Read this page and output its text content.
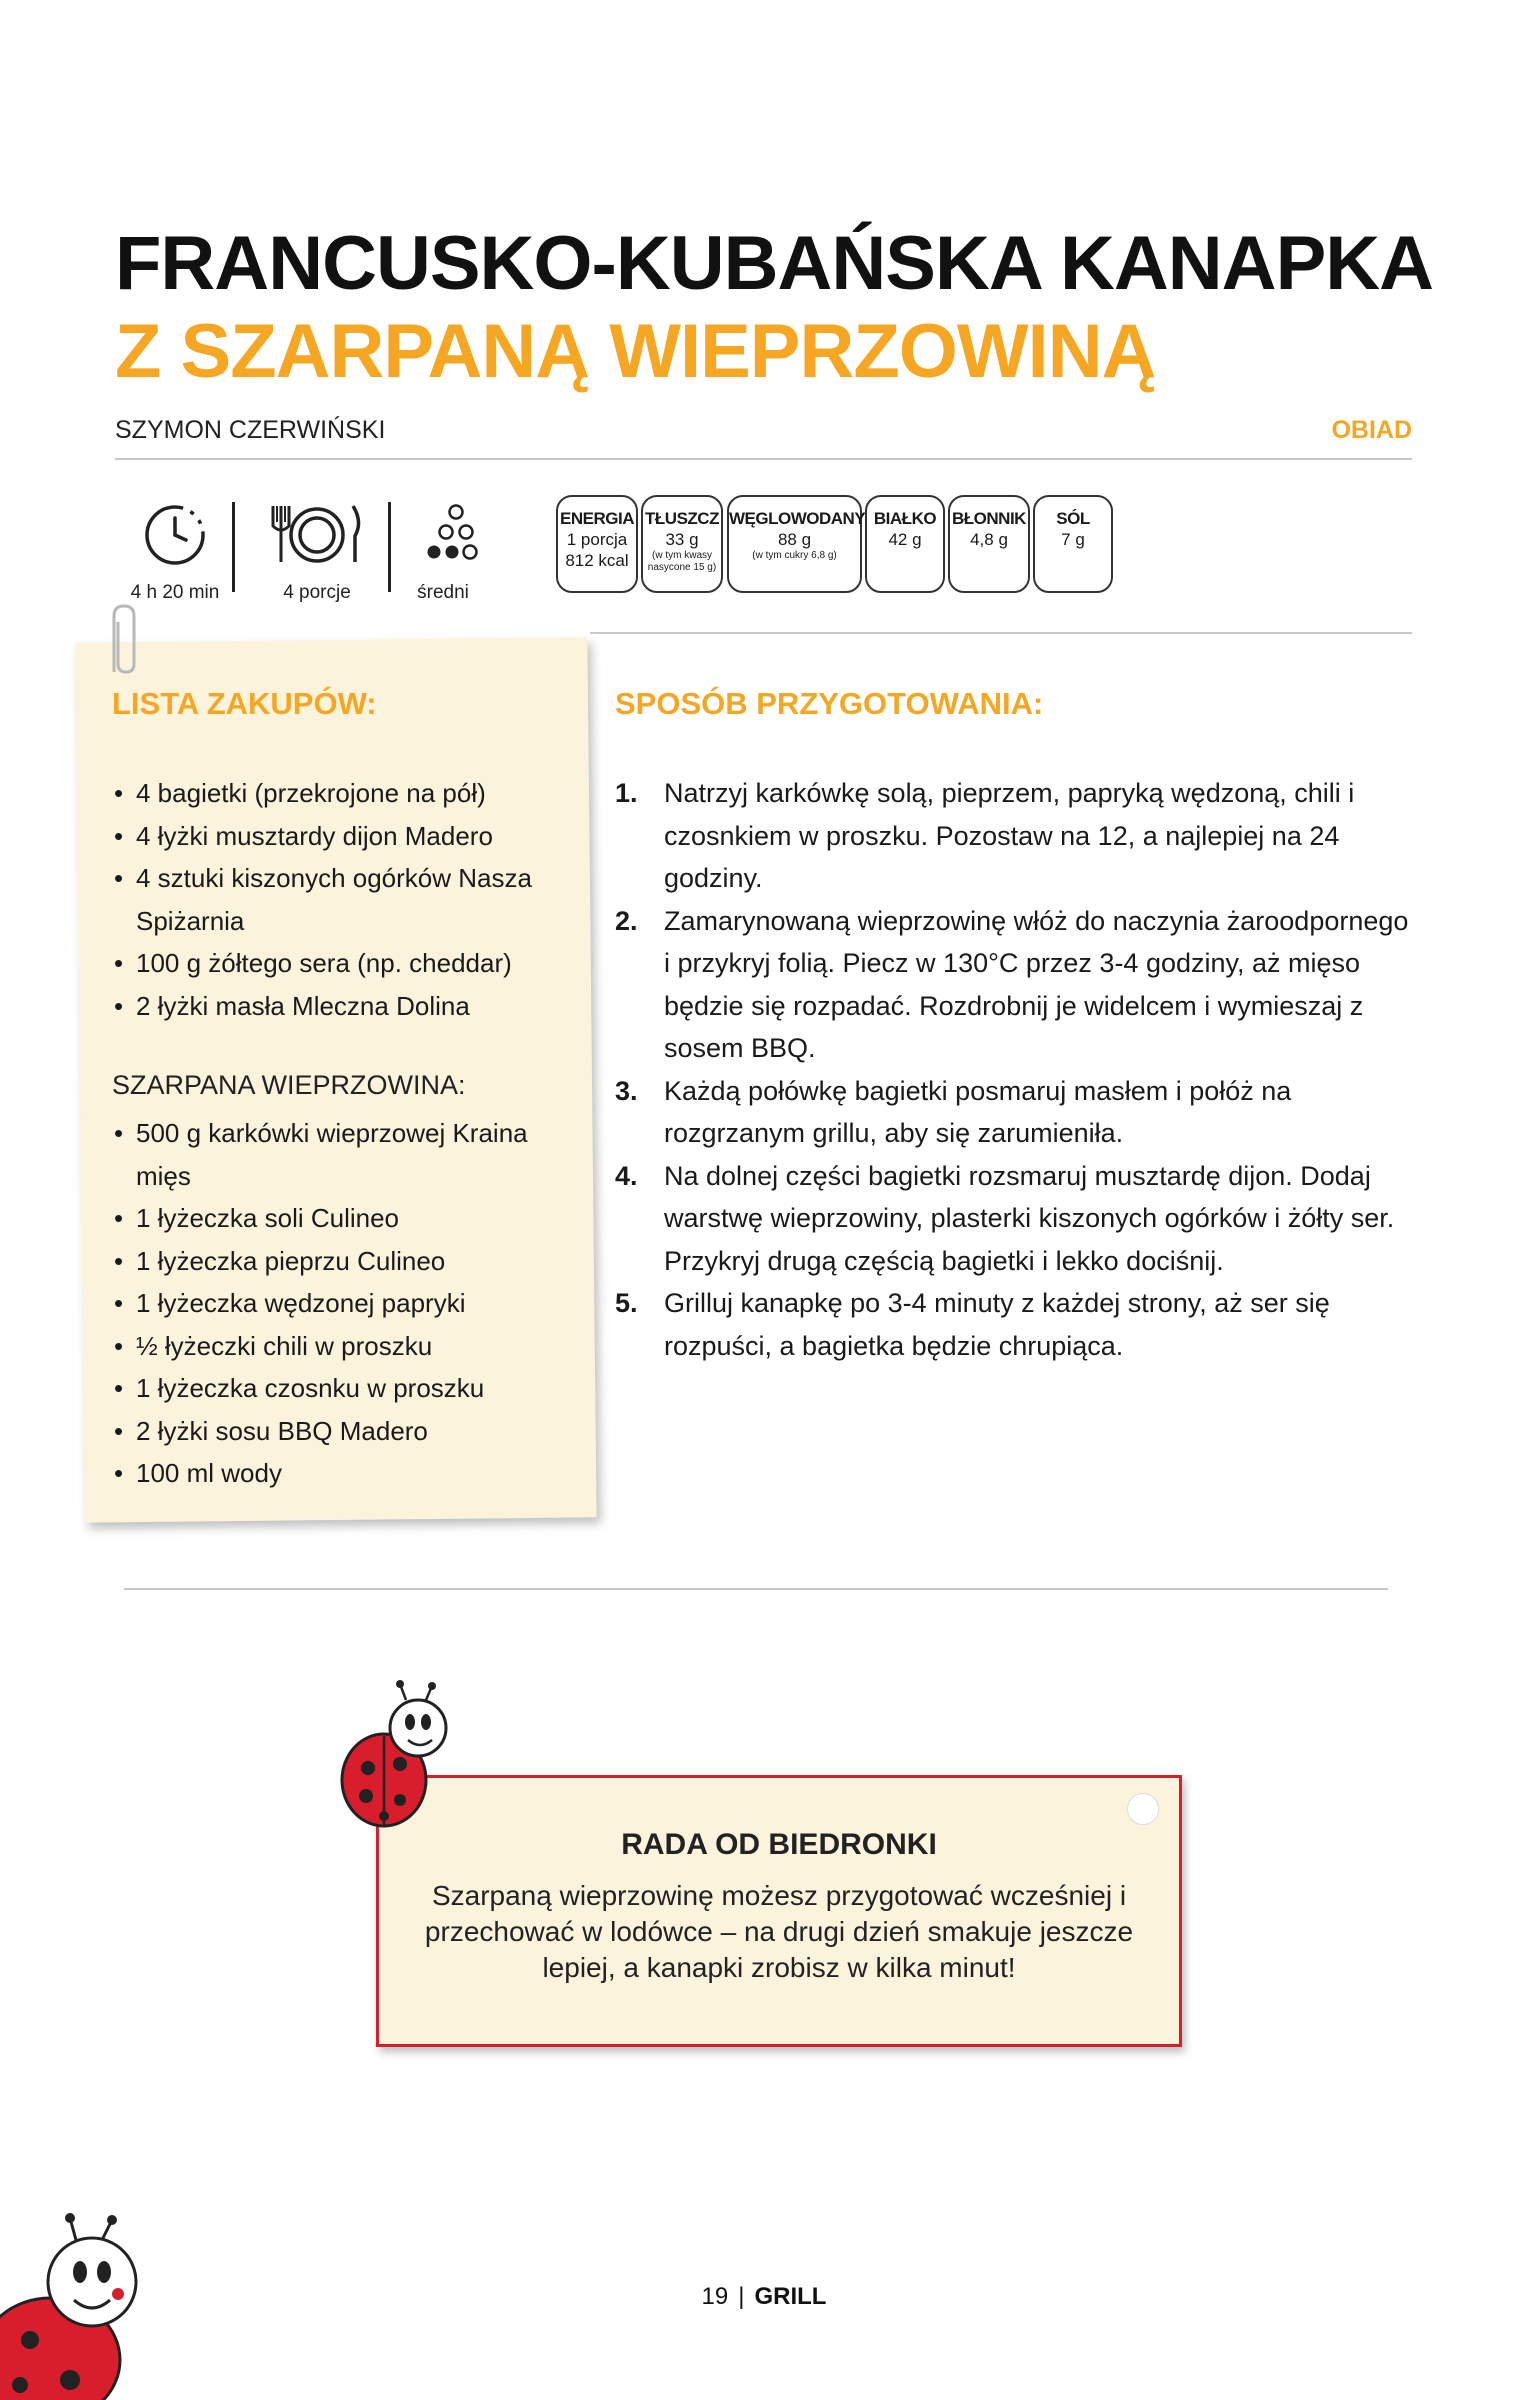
FRANCUSKO-KUBAŃSKA KANAPKA
Z SZARPANĄ WIEPRZOWINĄ
SZYMON CZERWIŃSKI	OBIAD
4 h 20 min	4 porcje	średni
ENERGIA
1 porcja
812 kcal
TŁUSZCZ
33 g
(w tym kwasy nasycone 15 g)
WĘGLOWODANY
88 g
(w tym cukry 6,8 g)
BIAŁKO
42 g
BŁONNIK
4,8 g
SÓL
7 g
LISTA ZAKUPÓW:
• 4 bagietki (przekrojone na pół)
• 4 łyżki musztardy dijon Madero
• 4 sztuki kiszonych ogórków Nasza Spiżarnia
• 100 g żółtego sera (np. cheddar)
• 2 łyżki masła Mleczna Dolina
SZARPANA WIEPRZOWINA:
• 500 g karkówki wieprzowej Kraina mięs
• 1 łyżeczka soli Culineo
• 1 łyżeczka pieprzu Culineo
• 1 łyżeczka wędzonej papryki
• ½ łyżeczki chili w proszku
• 1 łyżeczka czosnku w proszku
• 2 łyżki sosu BBQ Madero
• 100 ml wody
SPOSÓB PRZYGOTOWANIA:
1. Natrzyj karkówkę solą, pieprzem, papryką wędzoną, chili i czosnkiem w proszku. Pozostaw na 12, a najlepiej na 24 godziny.
2. Zamarynowaną wieprzowinę włóż do naczynia żaroodpornego i przykryj folią. Piecz w 130°C przez 3-4 godziny, aż mięso będzie się rozpadać. Rozdrobnij je widelcem i wymieszaj z sosem BBQ.
3. Każdą połówkę bagietki posmaruj masłem i połóż na rozgrzanym grillu, aby się zarumieniła.
4. Na dolnej części bagietki rozsmaruj musztardę dijon. Dodaj warstwę wieprzowiny, plasterki kiszonych ogórków i żółty ser. Przykryj drugą częścią bagietki i lekko dociśnij.
5. Grilluj kanapkę po 3-4 minuty z każdej strony, aż ser się rozpuści, a bagietka będzie chrupiąca.
RADA OD BIEDRONKI
Szarpaną wieprzowinę możesz przygotować wcześniej i przechować w lodówce – na drugi dzień smakuje jeszcze lepiej, a kanapki zrobisz w kilka minut!
19 | GRILL
